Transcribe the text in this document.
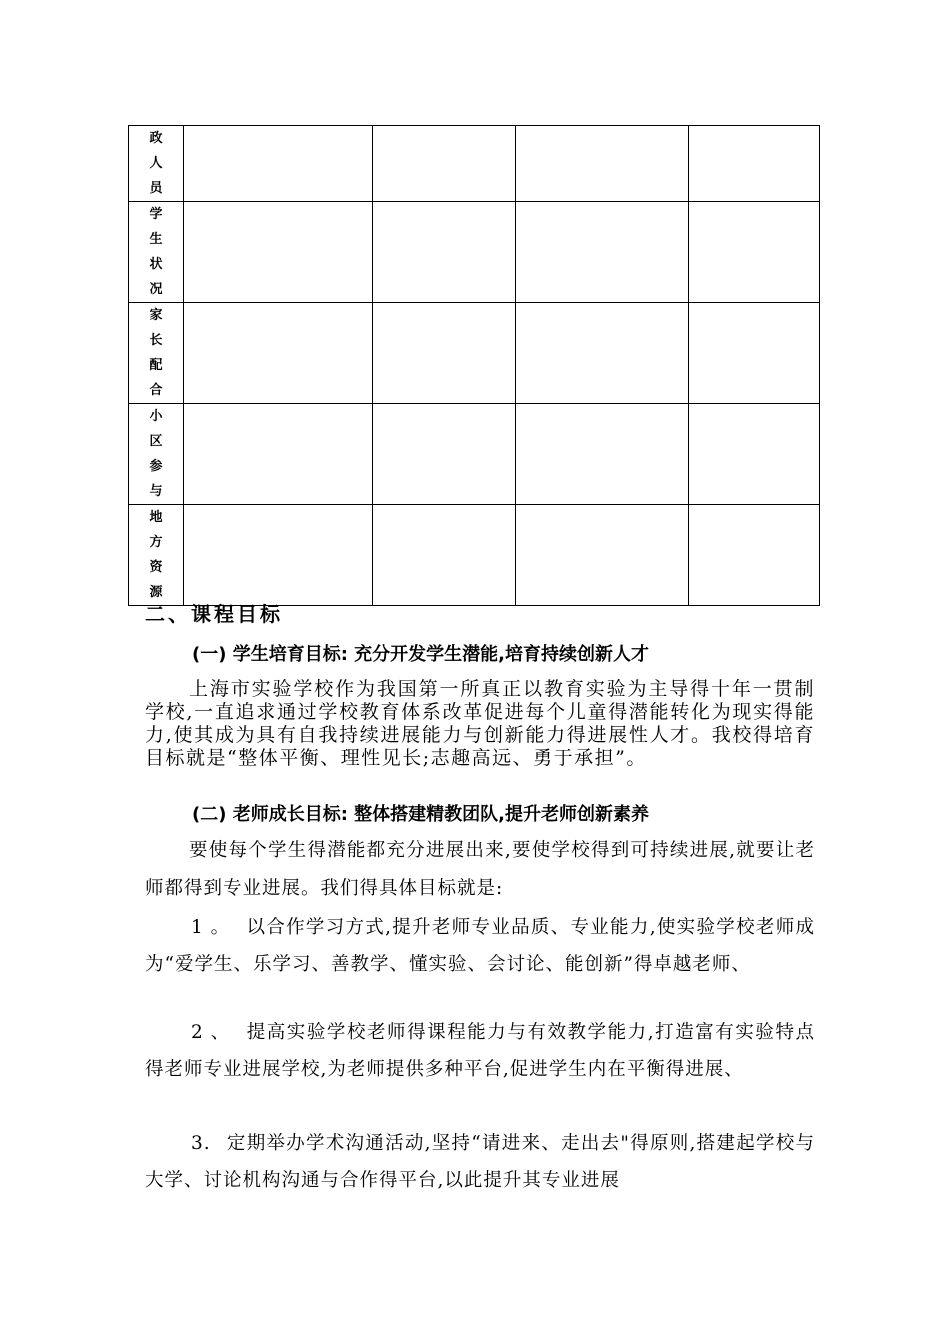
政
人
员				

学
生
状
况				

家
长
配
合				

小
区
参
与				

地
方
资
源				

二、课程目标
(一) 学生培育目标: 充分开发学生潜能,培育持续创新人才
上海市实验学校作为我国第一所真正以教育实验为主导得十年一贯制学校,一直追求通过学校教育体系改革促进每个儿童得潜能转化为现实得能力,使其成为具有自我持续进展能力与创新能力得进展性人才。我校得培育目标就是“整体平衡、理性见长;志趣高远、勇于承担”。
(二) 老师成长目标: 整体搭建精教团队,提升老师创新素养
要使每个学生得潜能都充分进展出来,要使学校得到可持续进展,就要让老师都得到专业进展。我们得具体目标就是:
1 。 以合作学习方式,提升老师专业品质、专业能力,使实验学校老师成为“爱学生、乐学习、善教学、懂实验、会讨论、能创新”得卓越老师、
2 、 提高实验学校老师得课程能力与有效教学能力,打造富有实验特点得老师专业进展学校,为老师提供多种平台,促进学生内在平衡得进展、
3. 定期举办学术沟通活动,坚持“请进来、走出去"得原则,搭建起学校与大学、讨论机构沟通与合作得平台,以此提升其专业进展
